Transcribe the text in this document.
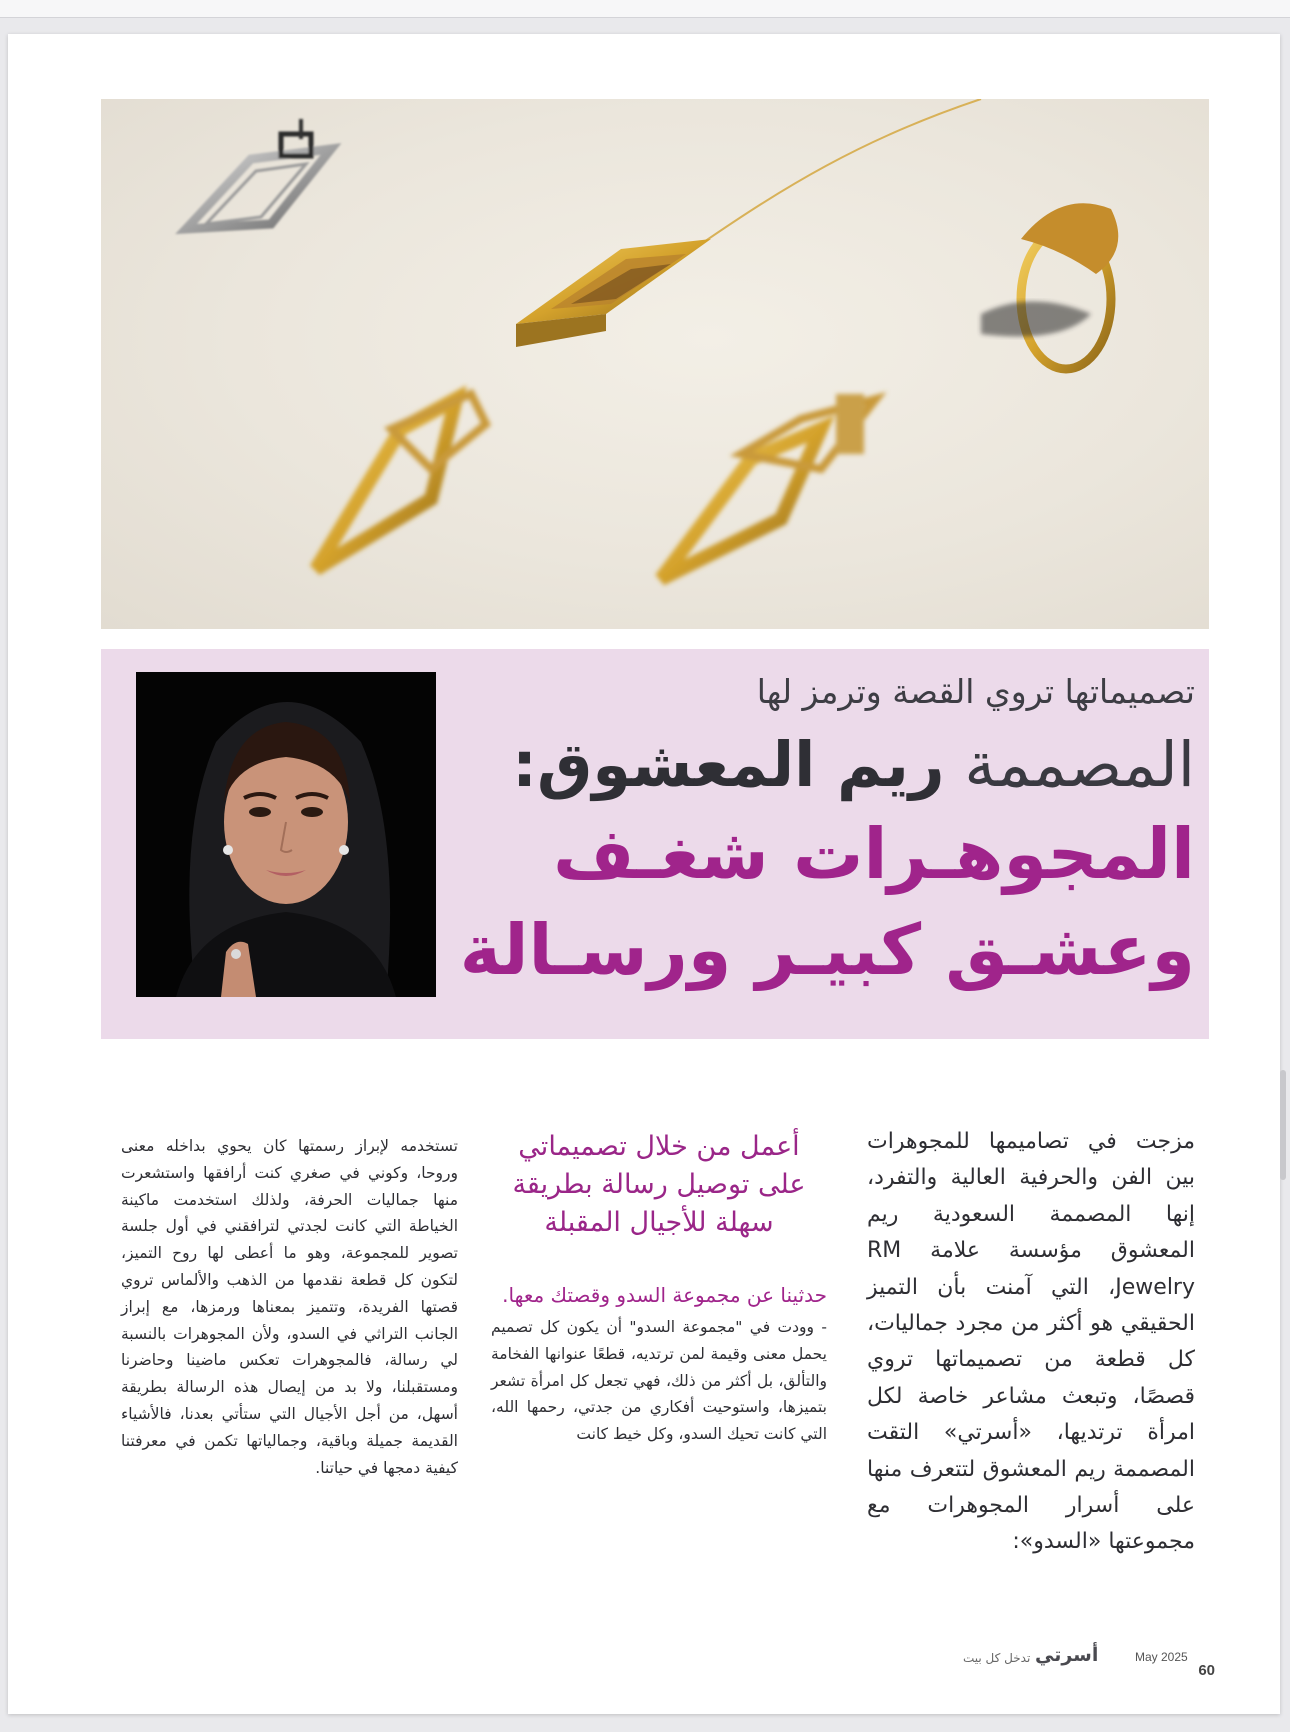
تصميماتها تروي القصة وترمز لها
المصممة ريم المعشوق:
المجوهـرات شغـف
وعشـق كبيـر ورسـالة
مزجت في تصاميمها للمجوهرات بين الفن والحرفية العالية والتفرد، إنها المصممة السعودية ريم المعشوق مؤسسة علامة RM Jewelry، التي آمنت بأن التميز الحقيقي هو أكثر من مجرد جماليات، كل قطعة من تصميماتها تروي قصصًا، وتبعث مشاعر خاصة لكل امرأة ترتديها، «أسرتي» التقت المصممة ريم المعشوق لتتعرف منها على أسرار المجوهرات مع مجموعتها «السدو»:
أعمل من خلال تصميماتي على توصيل رسالة بطريقة سهلة للأجيال المقبلة
حدثينا عن مجموعة السدو وقصتك معها.
- وودت في "مجموعة السدو" أن يكون كل تصميم يحمل معنى وقيمة لمن ترتديه، قطعًا عنوانها الفخامة والتألق، بل أكثر من ذلك، فهي تجعل كل امرأة تشعر بتميزها، واستوحيت أفكاري من جدتي، رحمها الله، التي كانت تحيك السدو، وكل خيط كانت
تستخدمه لإبراز رسمتها كان يحوي بداخله معنى وروحا، وكوني في صغري كنت أرافقها واستشعرت منها جماليات الحرفة، ولذلك استخدمت ماكينة الخياطة التي كانت لجدتي لترافقني في أول جلسة تصوير للمجموعة، وهو ما أعطى لها روح التميز، لتكون كل قطعة نقدمها من الذهب والألماس تروي قصتها الفريدة، وتتميز بمعناها ورمزها، مع إبراز الجانب التراثي في السدو، ولأن المجوهرات بالنسبة لي رسالة، فالمجوهرات تعكس ماضينا وحاضرنا ومستقبلنا، ولا بد من إيصال هذه الرسالة بطريقة أسهل، من أجل الأجيال التي ستأتي بعدنا، فالأشياء القديمة جميلة وباقية، وجمالياتها تكمن في معرفتنا كيفية دمجها في حياتنا.
تدخل كل بيت أسرتي	May 2025
60
